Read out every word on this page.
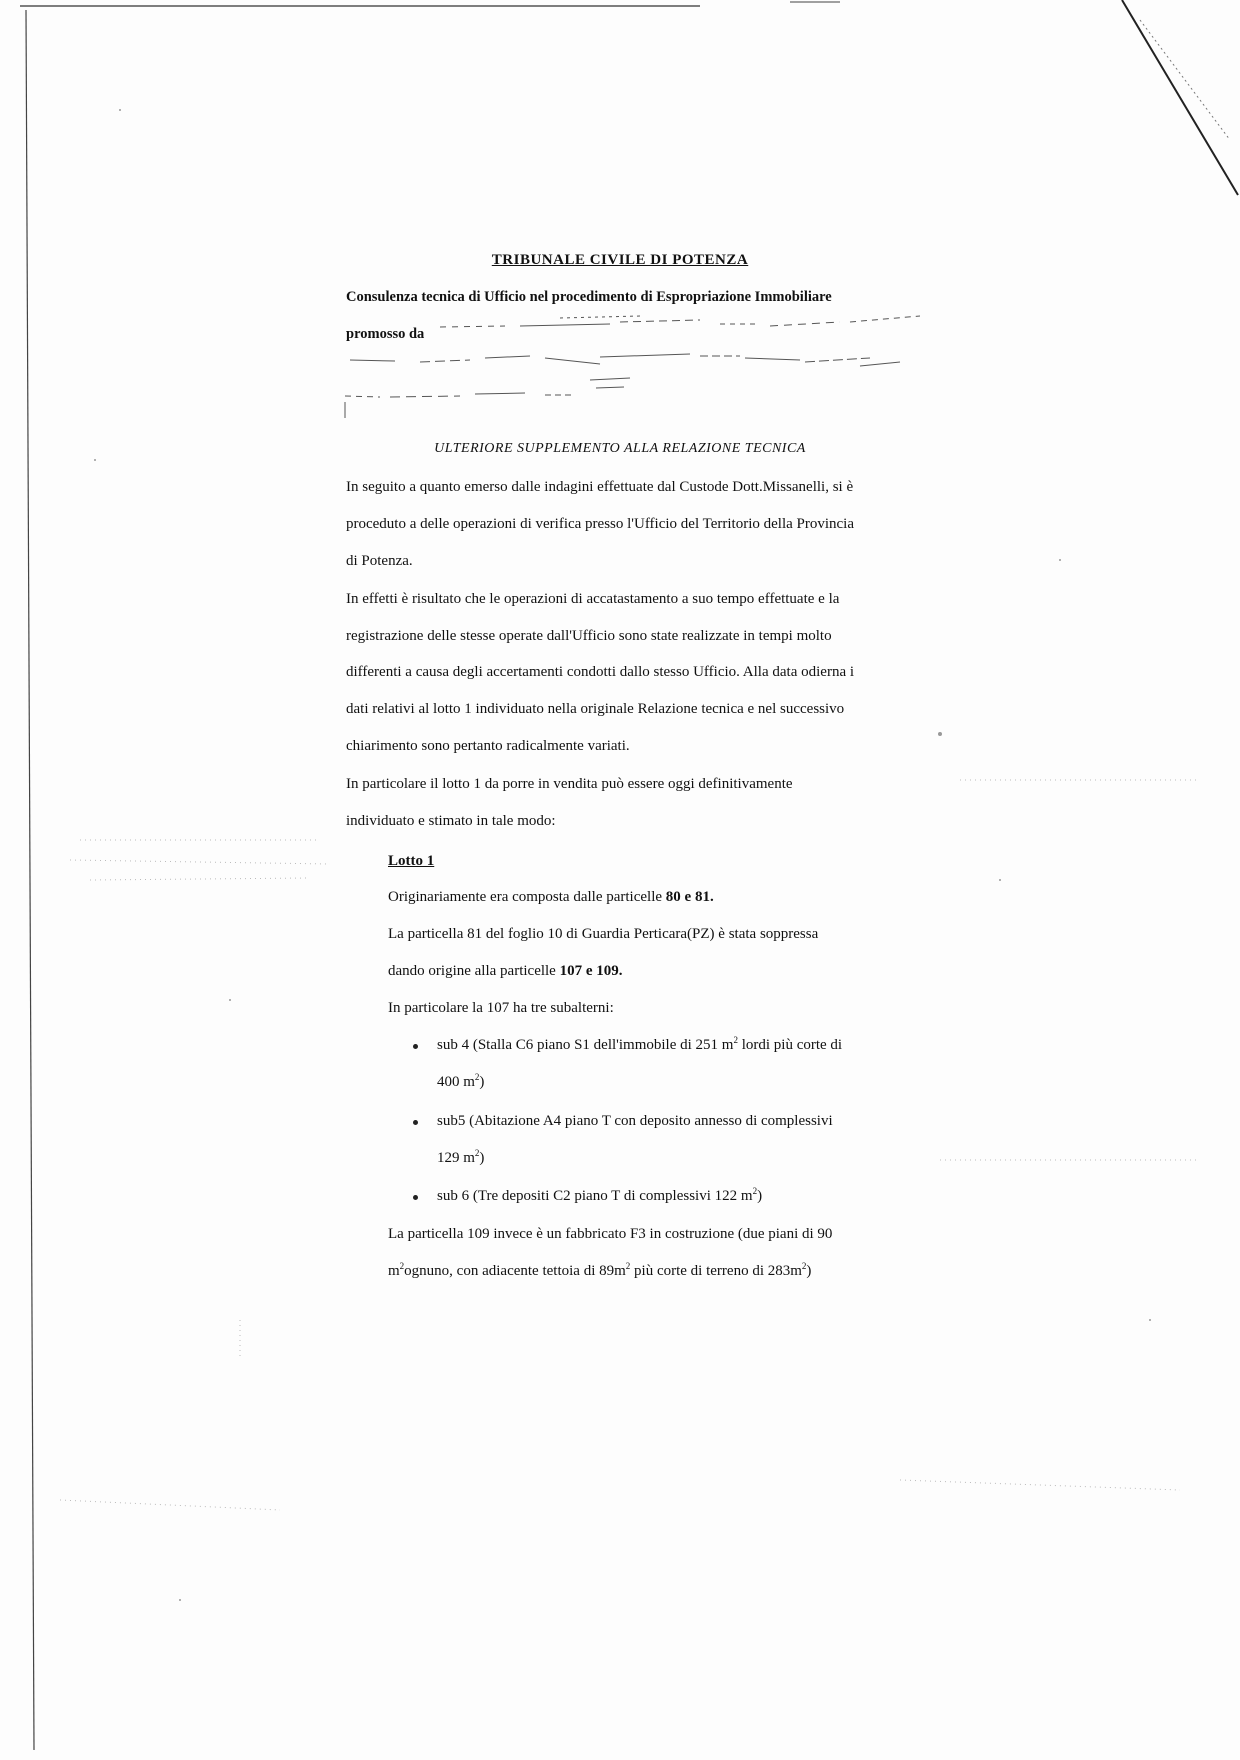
TRIBUNALE CIVILE DI POTENZA
Consulenza tecnica di Ufficio nel procedimento di Espropriazione Immobiliare
promosso da
ULTERIORE SUPPLEMENTO ALLA RELAZIONE TECNICA
In seguito a quanto emerso dalle indagini effettuate dal Custode Dott.Missanelli, si è
proceduto a delle operazioni di verifica presso l'Ufficio del Territorio della Provincia
di Potenza.
In effetti è risultato che le operazioni di accatastamento a suo tempo effettuate e la
registrazione delle stesse operate dall'Ufficio sono state realizzate in tempi molto
differenti a causa degli accertamenti condotti dallo stesso Ufficio. Alla data odierna i
dati relativi al lotto 1 individuato nella originale Relazione tecnica e nel successivo
chiarimento sono pertanto radicalmente variati.
In particolare il lotto 1 da porre in vendita può essere oggi definitivamente
individuato e stimato in tale modo:
Lotto 1
Originariamente era composta dalle particelle 80 e 81.
La particella 81 del foglio 10 di Guardia Perticara(PZ) è stata soppressa
dando origine alla particelle 107 e 109.
In particolare la 107 ha tre subalterni:
sub 4 (Stalla C6 piano S1 dell'immobile di 251 $m^2$ lordi più corte di
400 $m^2$)
sub5 (Abitazione A4 piano T con deposito annesso di complessivi
129 $m^2$)
sub 6 (Tre depositi C2 piano T di complessivi 122 $m^2$)
La particella 109 invece è un fabbricato F3 in costruzione (due piani di 90
$m^2ognuno$, con adiacente tettoia di $89m^2$ più corte di terreno di $283m^2$)
